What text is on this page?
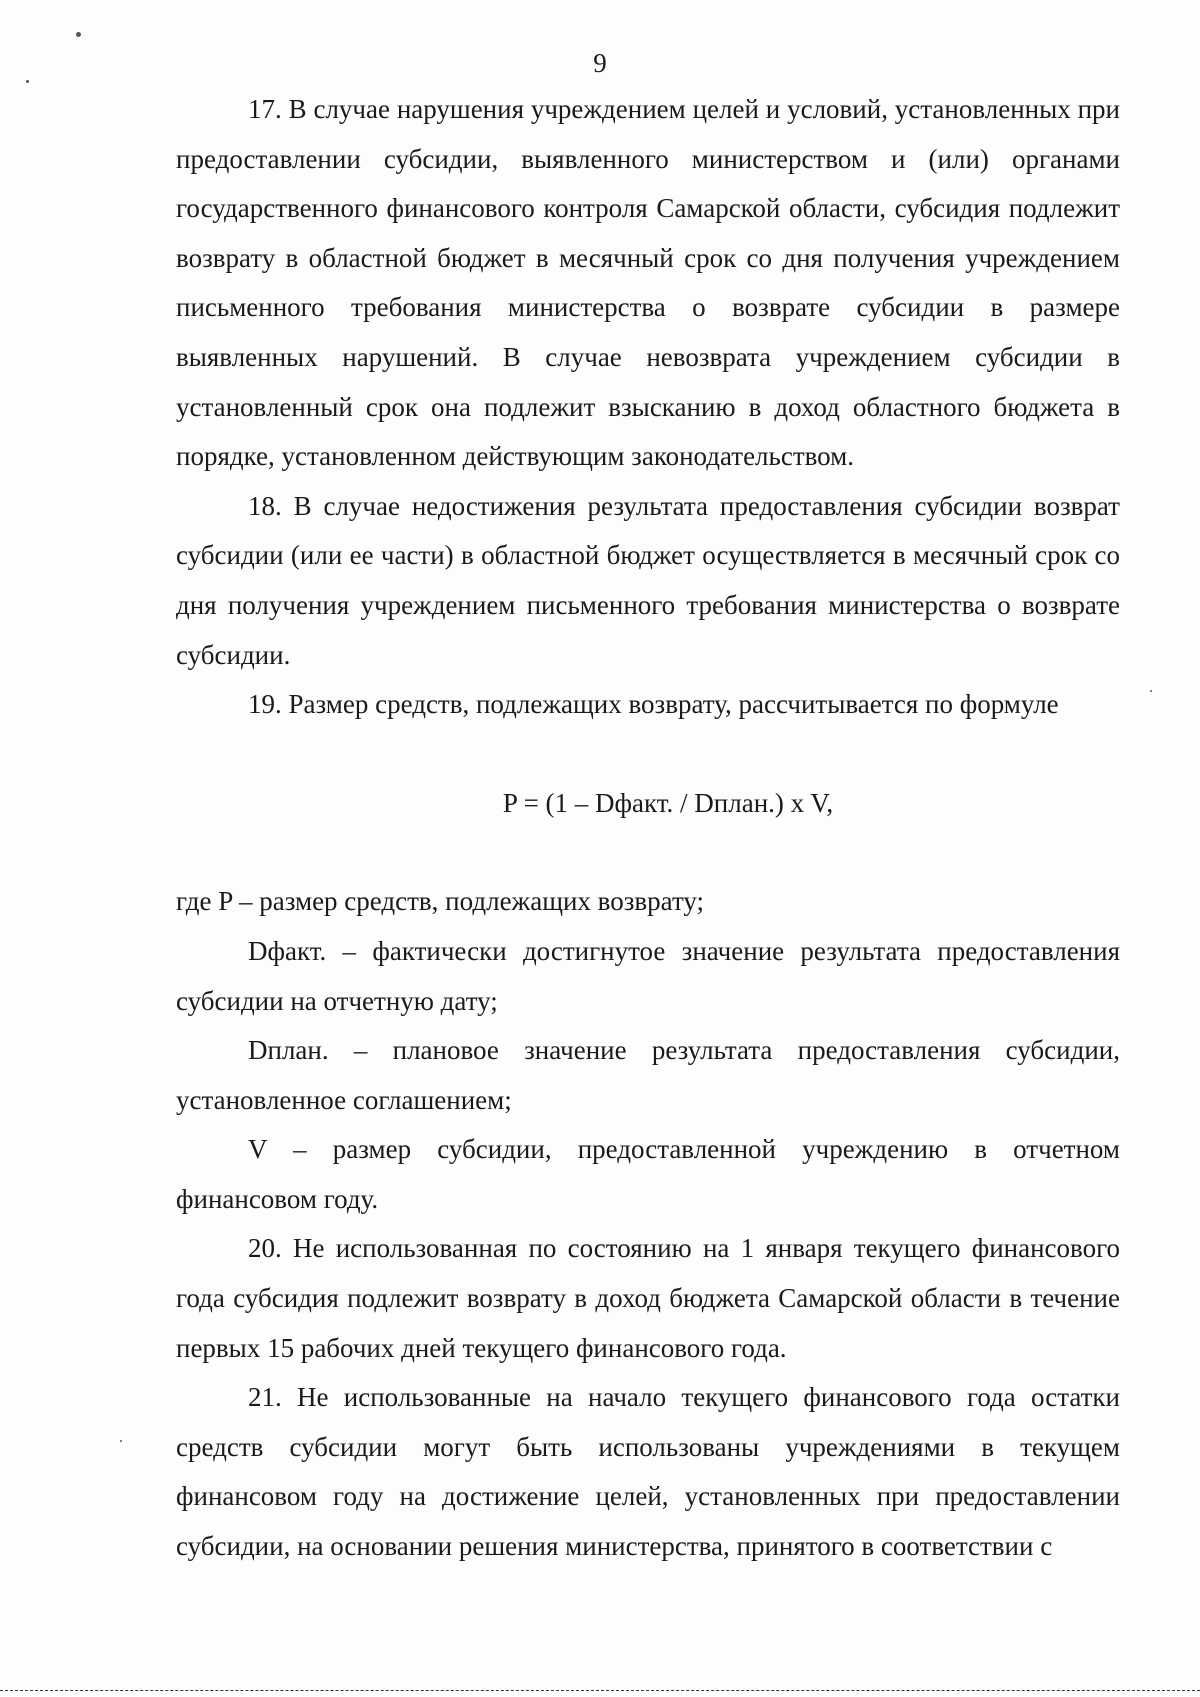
9

17. В случае нарушения учреждением целей и условий, установленных при предоставлении субсидии, выявленного министерством и (или) органами государственного финансового контроля Самарской области, субсидия подлежит возврату в областной бюджет в месячный срок со дня получения учреждением письменного требования министерства о возврате субсидии в размере выявленных нарушений. В случае невозврата учреждением субсидии в установленный срок она подлежит взысканию в доход областного бюджета в порядке, установленном действующим законодательством.

18. В случае недостижения результата предоставления субсидии возврат субсидии (или ее части) в областной бюджет осуществляется в месячный срок со дня получения учреждением письменного требования министерства о возврате субсидии.

19. Размер средств, подлежащих возврату, рассчитывается по формуле

P = (1 – Dфакт. / Dплан.) x V,

где P – размер средств, подлежащих возврату;

Dфакт. – фактически достигнутое значение результата предоставления субсидии на отчетную дату;

Dплан. – плановое значение результата предоставления субсидии, установленное соглашением;

V – размер субсидии, предоставленной учреждению в отчетном финансовом году.

20. Не использованная по состоянию на 1 января текущего финансового года субсидия подлежит возврату в доход бюджета Самарской области в течение первых 15 рабочих дней текущего финансового года.

21. Не использованные на начало текущего финансового года остатки средств субсидии могут быть использованы учреждениями в текущем финансовом году на достижение целей, установленных при предоставлении субсидии, на основании решения министерства, принятого в соответствии с
